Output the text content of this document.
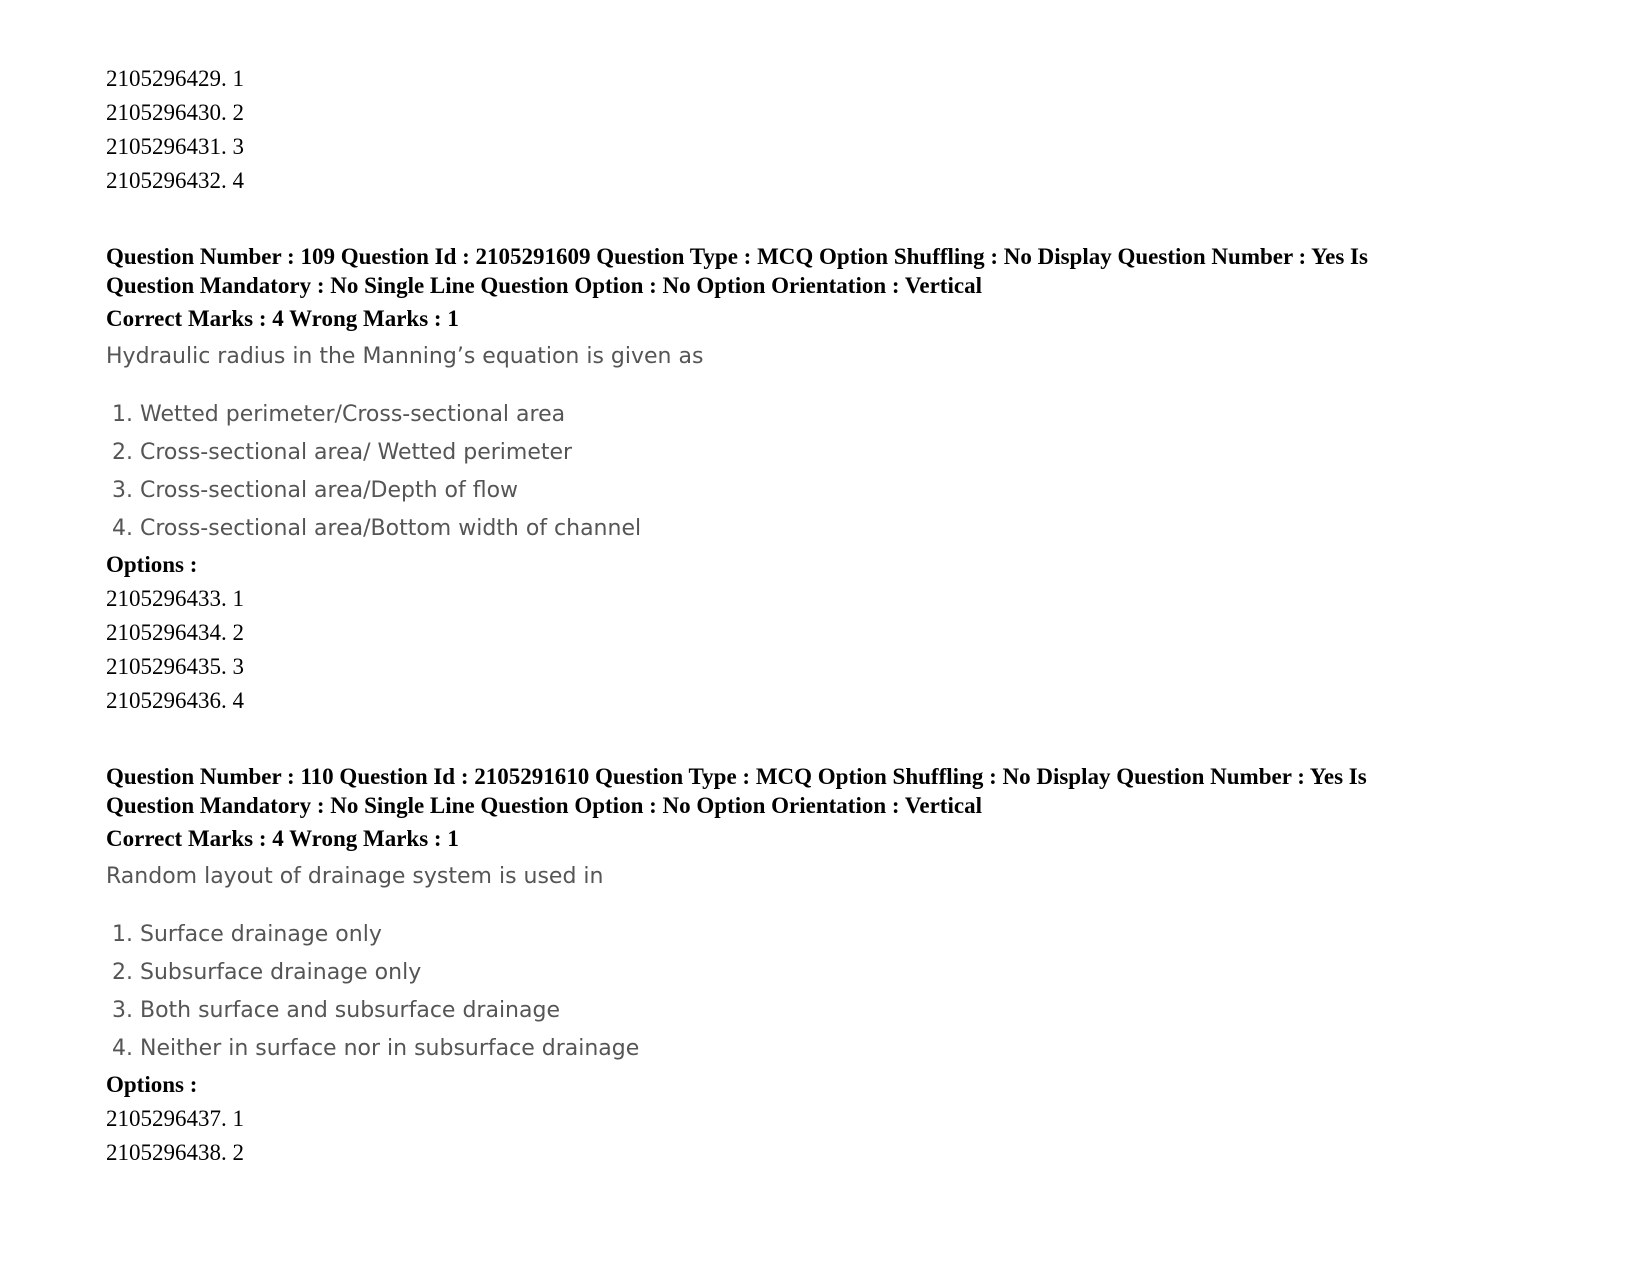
2105296429. 1
2105296430. 2
2105296431. 3
2105296432. 4
Question Number : 109 Question Id : 2105291609 Question Type : MCQ Option Shuffling : No Display Question Number : Yes Is
Question Mandatory : No Single Line Question Option : No Option Orientation : Vertical
Correct Marks : 4 Wrong Marks : 1
Hydraulic radius in the Manning’s equation is given as
1. Wetted perimeter/Cross-sectional area
2. Cross-sectional area/ Wetted perimeter
3. Cross-sectional area/Depth of flow
4. Cross-sectional area/Bottom width of channel
Options :
2105296433. 1
2105296434. 2
2105296435. 3
2105296436. 4
Question Number : 110 Question Id : 2105291610 Question Type : MCQ Option Shuffling : No Display Question Number : Yes Is
Question Mandatory : No Single Line Question Option : No Option Orientation : Vertical
Correct Marks : 4 Wrong Marks : 1
Random layout of drainage system is used in
1. Surface drainage only
2. Subsurface drainage only
3. Both surface and subsurface drainage
4. Neither in surface nor in subsurface drainage
Options :
2105296437. 1
2105296438. 2
